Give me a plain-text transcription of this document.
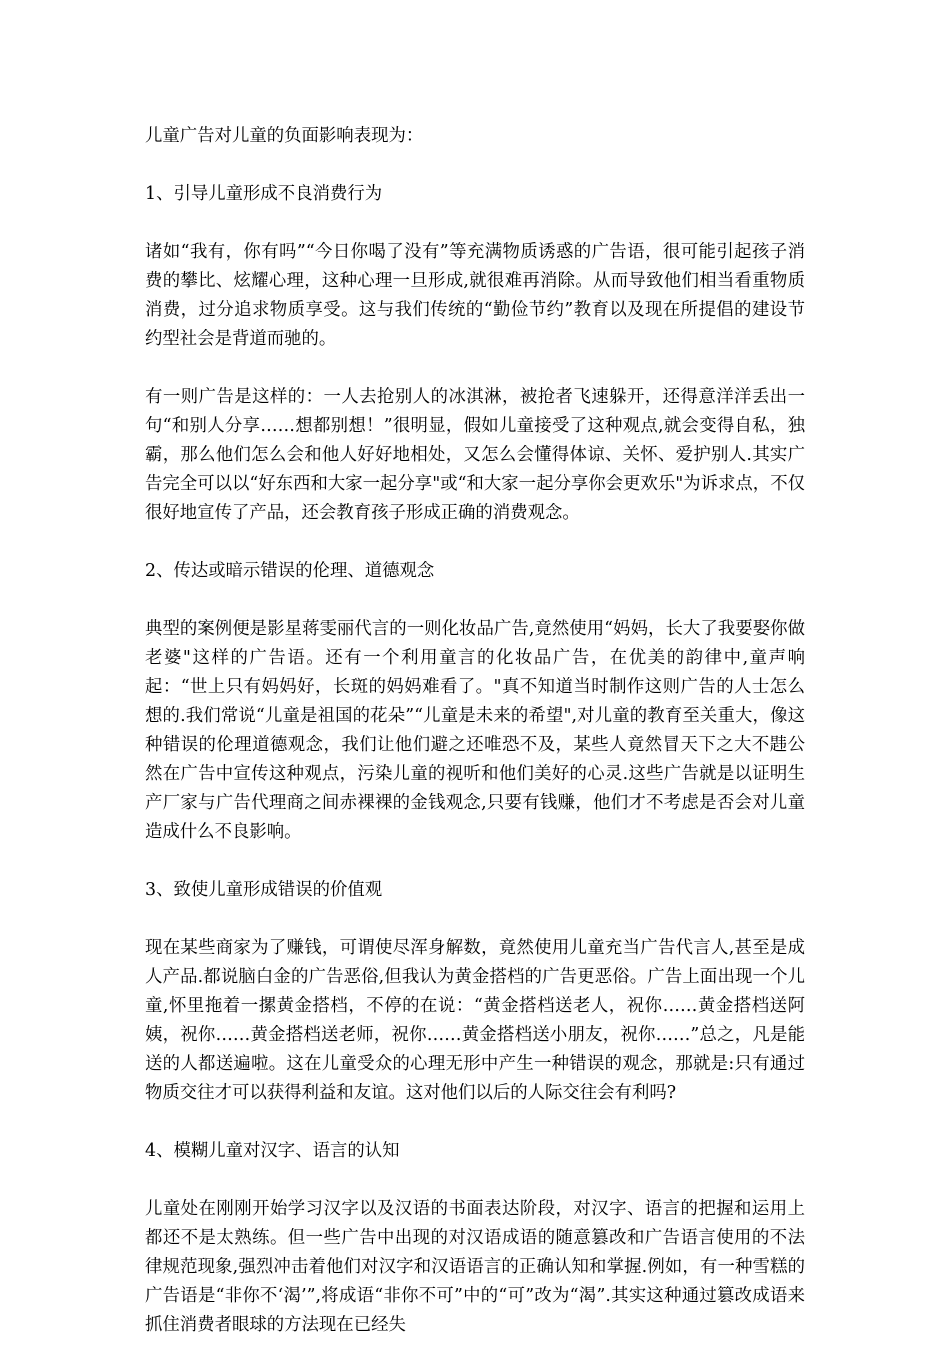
儿童广告对儿童的负面影响表现为：

1、引导儿童形成不良消费行为

诸如“我有，你有吗”“今日你喝了没有”等充满物质诱惑的广告语，很可能引起孩子消费的攀比、炫耀心理，这种心理一旦形成,就很难再消除。从而导致他们相当看重物质消费，过分追求物质享受。这与我们传统的“勤俭节约”教育以及现在所提倡的建设节约型社会是背道而驰的。

有一则广告是这样的：一人去抢别人的冰淇淋，被抢者飞速躲开，还得意洋洋丢出一句“和别人分享……想都别想！”很明显，假如儿童接受了这种观点,就会变得自私，独霸，那么他们怎么会和他人好好地相处，又怎么会懂得体谅、关怀、爱护别人.其实广告完全可以以“好东西和大家一起分享"或“和大家一起分享你会更欢乐"为诉求点，不仅很好地宣传了产品，还会教育孩子形成正确的消费观念。

2、传达或暗示错误的伦理、道德观念

典型的案例便是影星蒋雯丽代言的一则化妆品广告,竟然使用“妈妈，长大了我要娶你做老婆"这样的广告语。还有一个利用童言的化妆品广告，在优美的韵律中,童声响起：“世上只有妈妈好，长斑的妈妈难看了。"真不知道当时制作这则广告的人士怎么想的.我们常说“儿童是祖国的花朵”“儿童是未来的希望",对儿童的教育至关重大，像这种错误的伦理道德观念，我们让他们避之还唯恐不及，某些人竟然冒天下之大不韪公然在广告中宣传这种观点，污染儿童的视听和他们美好的心灵.这些广告就是以证明生产厂家与广告代理商之间赤裸裸的金钱观念,只要有钱赚，他们才不考虑是否会对儿童造成什么不良影响。

3、致使儿童形成错误的价值观

现在某些商家为了赚钱，可谓使尽浑身解数，竟然使用儿童充当广告代言人,甚至是成人产品.都说脑白金的广告恶俗,但我认为黄金搭档的广告更恶俗。广告上面出现一个儿童,怀里拖着一摞黄金搭档，不停的在说：“黄金搭档送老人，祝你……黄金搭档送阿姨，祝你……黄金搭档送老师，祝你……黄金搭档送小朋友，祝你……”总之，凡是能送的人都送遍啦。这在儿童受众的心理无形中产生一种错误的观念，那就是:只有通过物质交往才可以获得利益和友谊。这对他们以后的人际交往会有利吗?

4、模糊儿童对汉字、语言的认知

儿童处在刚刚开始学习汉字以及汉语的书面表达阶段，对汉字、语言的把握和运用上都还不是太熟练。但一些广告中出现的对汉语成语的随意篡改和广告语言使用的不法律规范现象,强烈冲击着他们对汉字和汉语语言的正确认知和掌握.例如，有一种雪糕的广告语是“非你不‘渴’”,将成语“非你不可”中的“可”改为“渴”.其实这种通过篡改成语来抓住消费者眼球的方法现在已经失
